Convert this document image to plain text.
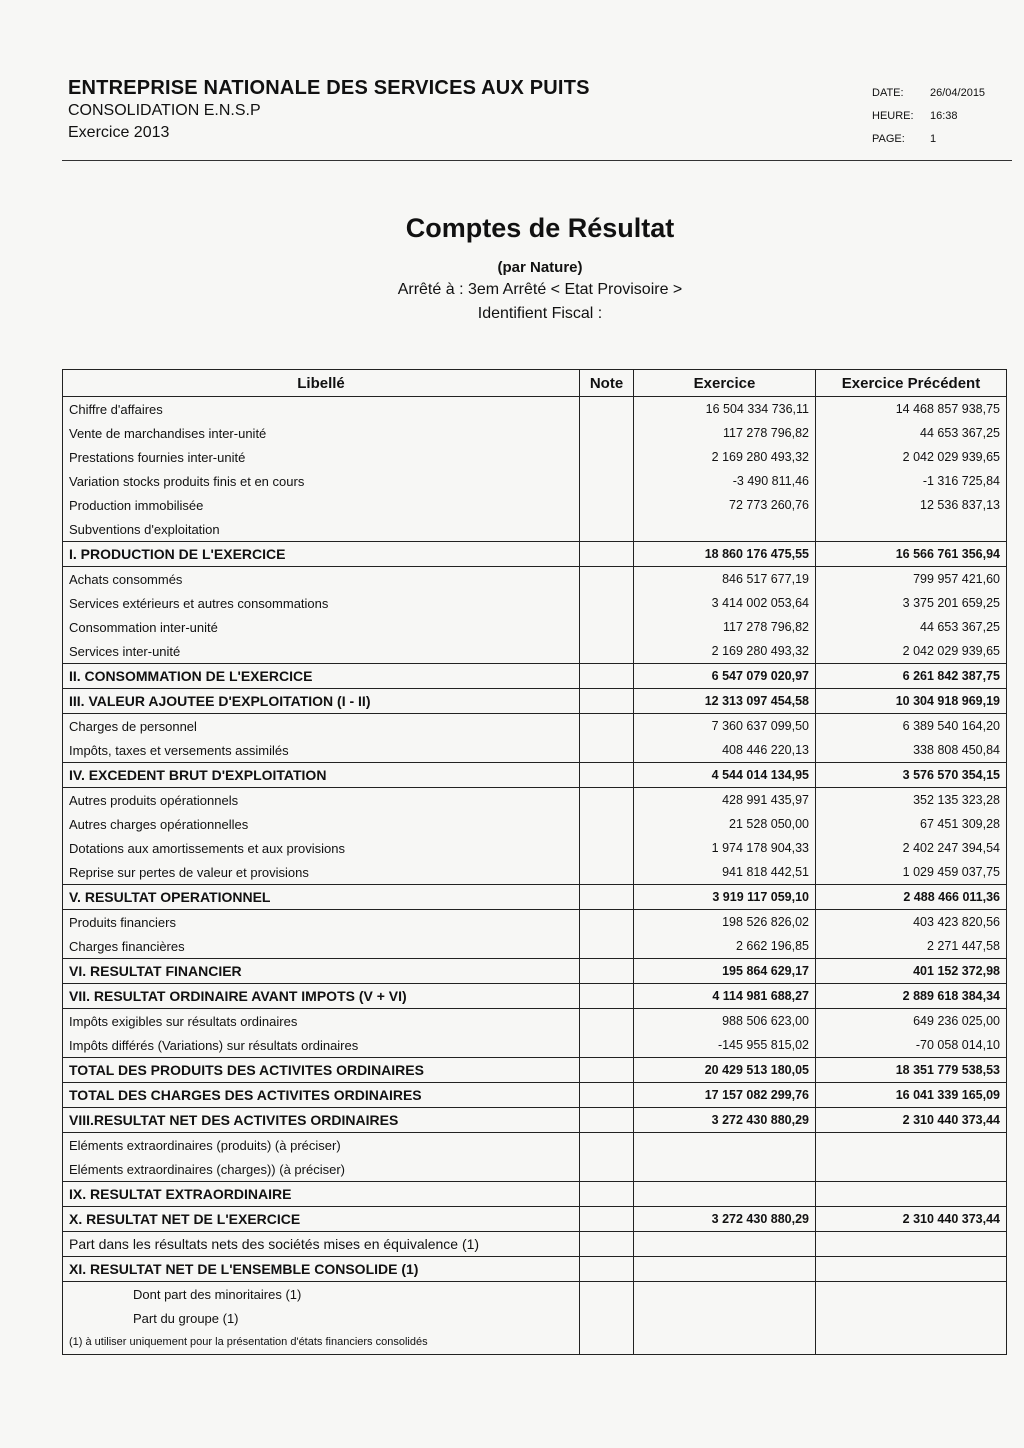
ENTREPRISE NATIONALE DES SERVICES AUX PUITS

CONSOLIDATION E.N.S.P

Exercice 2013

DATE: 26/04/2015
HEURE: 16:38
PAGE: 1

Comptes de Résultat

(par Nature)

Arrêté à : 3em Arrêté < Etat Provisoire >

Identifient Fiscal :

Libellé	Note	Exercice	Exercice Précédent
Chiffre d'affaires		16 504 334 736,11	14 468 857 938,75
Vente de marchandises inter-unité		117 278 796,82	44 653 367,25
Prestations fournies inter-unité		2 169 280 493,32	2 042 029 939,65
Variation stocks produits finis et en cours		-3 490 811,46	-1 316 725,84
Production immobilisée		72 773 260,76	12 536 837,13
Subventions d'exploitation			
I. PRODUCTION DE L'EXERCICE		18 860 176 475,55	16 566 761 356,94
Achats consommés		846 517 677,19	799 957 421,60
Services extérieurs et autres consommations		3 414 002 053,64	3 375 201 659,25
Consommation inter-unité		117 278 796,82	44 653 367,25
Services inter-unité		2 169 280 493,32	2 042 029 939,65
II. CONSOMMATION DE L'EXERCICE		6 547 079 020,97	6 261 842 387,75
III. VALEUR AJOUTEE D'EXPLOITATION (I - II)		12 313 097 454,58	10 304 918 969,19
Charges de personnel		7 360 637 099,50	6 389 540 164,20
Impôts, taxes et versements assimilés		408 446 220,13	338 808 450,84
IV. EXCEDENT BRUT D'EXPLOITATION		4 544 014 134,95	3 576 570 354,15
Autres produits opérationnels		428 991 435,97	352 135 323,28
Autres charges opérationnelles		21 528 050,00	67 451 309,28
Dotations aux amortissements et aux provisions		1 974 178 904,33	2 402 247 394,54
Reprise sur pertes de valeur et provisions		941 818 442,51	1 029 459 037,75
V. RESULTAT OPERATIONNEL		3 919 117 059,10	2 488 466 011,36
Produits financiers		198 526 826,02	403 423 820,56
Charges financières		2 662 196,85	2 271 447,58
VI. RESULTAT FINANCIER		195 864 629,17	401 152 372,98
VII. RESULTAT ORDINAIRE AVANT IMPOTS (V + VI)		4 114 981 688,27	2 889 618 384,34
Impôts exigibles sur résultats ordinaires		988 506 623,00	649 236 025,00
Impôts différés (Variations) sur résultats ordinaires		-145 955 815,02	-70 058 014,10
TOTAL DES PRODUITS DES ACTIVITES ORDINAIRES		20 429 513 180,05	18 351 779 538,53
TOTAL DES CHARGES DES ACTIVITES ORDINAIRES		17 157 082 299,76	16 041 339 165,09
VIII.RESULTAT NET DES ACTIVITES ORDINAIRES		3 272 430 880,29	2 310 440 373,44
Eléments extraordinaires (produits) (à préciser)			
Eléments extraordinaires (charges)) (à préciser)			
IX. RESULTAT EXTRAORDINAIRE			
X. RESULTAT NET DE L'EXERCICE		3 272 430 880,29	2 310 440 373,44
Part dans les résultats nets des sociétés mises en équivalence (1)			
XI. RESULTAT NET DE L'ENSEMBLE CONSOLIDE (1)			
Dont part des minoritaires (1)			
Part du groupe (1)			
(1) à utiliser uniquement pour la présentation d'états financiers consolidés			
